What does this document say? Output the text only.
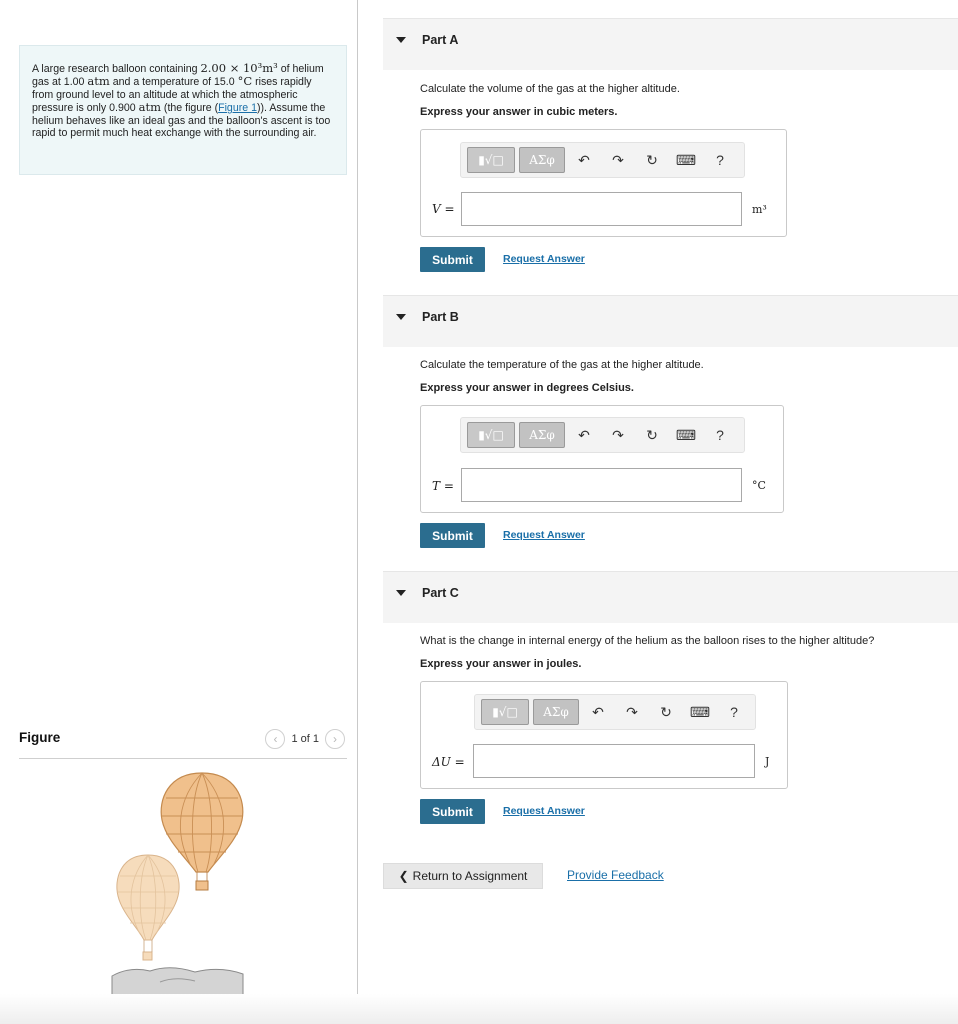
A large research balloon containing 2.00 × 10³m³ of helium gas at 1.00 atm and a temperature of 15.0 °C rises rapidly from ground level to an altitude at which the atmospheric pressure is only 0.900 atm (the figure (Figure 1)). Assume the helium behaves like an ideal gas and the balloon's ascent is too rapid to permit much heat exchange with the surrounding air.
Figure	‹	1 of 1	›
Part A
Calculate the volume of the gas at the higher altitude.
Express your answer in cubic meters.
▮√□	ΑΣφ	↶	↷	↻	⌨	?
V =	m³
Submit	Request Answer
Part B
Calculate the temperature of the gas at the higher altitude.
Express your answer in degrees Celsius.
▮√□	ΑΣφ	↶	↷	↻	⌨	?
T =	°C
Submit	Request Answer
Part C
What is the change in internal energy of the helium as the balloon rises to the higher altitude?
Express your answer in joules.
▮√□	ΑΣφ	↶	↷	↻	⌨	?
ΔU =	J
Submit	Request Answer
❮ Return to Assignment	Provide Feedback
